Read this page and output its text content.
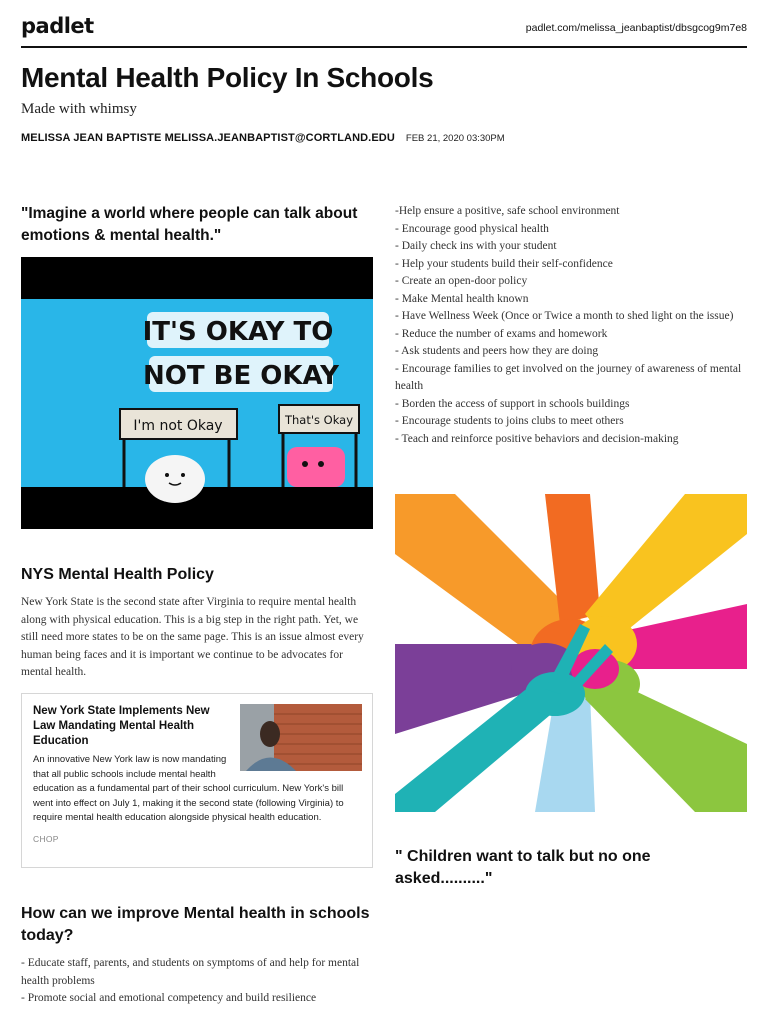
padlet	padlet.com/melissa_jeanbaptist/dbsgcog9m7e8
Mental Health Policy In Schools
Made with whimsy
MELISSA JEAN BAPTISTE MELISSA.JEANBAPTIST@CORTLAND.EDU FEB 21, 2020 03:30PM
"Imagine a world where people can talk about emotions & mental health."
IT'S OKAY TO
NOT BE OKAY
I'm not Okay	That's Okay
NYS Mental Health Policy
New York State is the second state after Virginia to require mental health along with physical education. This is a big step in the right path. Yet, we still need more states to be on the same page. This is an issue almost every human being faces and it is important we continue to be advocates for mental health.
New York State Implements New Law Mandating Mental Health Education
An innovative New York law is now mandating that all public schools include mental health education as a fundamental part of their school curriculum. New York's bill went into effect on July 1, making it the second state (following Virginia) to require mental health education alongside physical health education.
CHOP
How can we improve Mental health in schools today?
- Educate staff, parents, and students on symptoms of and help for mental health problems
- Promote social and emotional competency and build resilience
-Help ensure a positive, safe school environment
- Encourage good physical health
- Daily check ins with your student
- Help your students build their self-confidence
- Create an open-door policy
- Make Mental health known
- Have Wellness Week (Once or Twice a month to shed light on the issue)
- Reduce the number of exams and homework
- Ask students and peers how they are doing
- Encourage families to get involved on the journey of awareness of mental health
- Borden the access of support in schools buildings
- Encourage students to joins clubs to meet others
- Teach and reinforce positive behaviors and decision-making
" Children want to talk but no one asked.........."
